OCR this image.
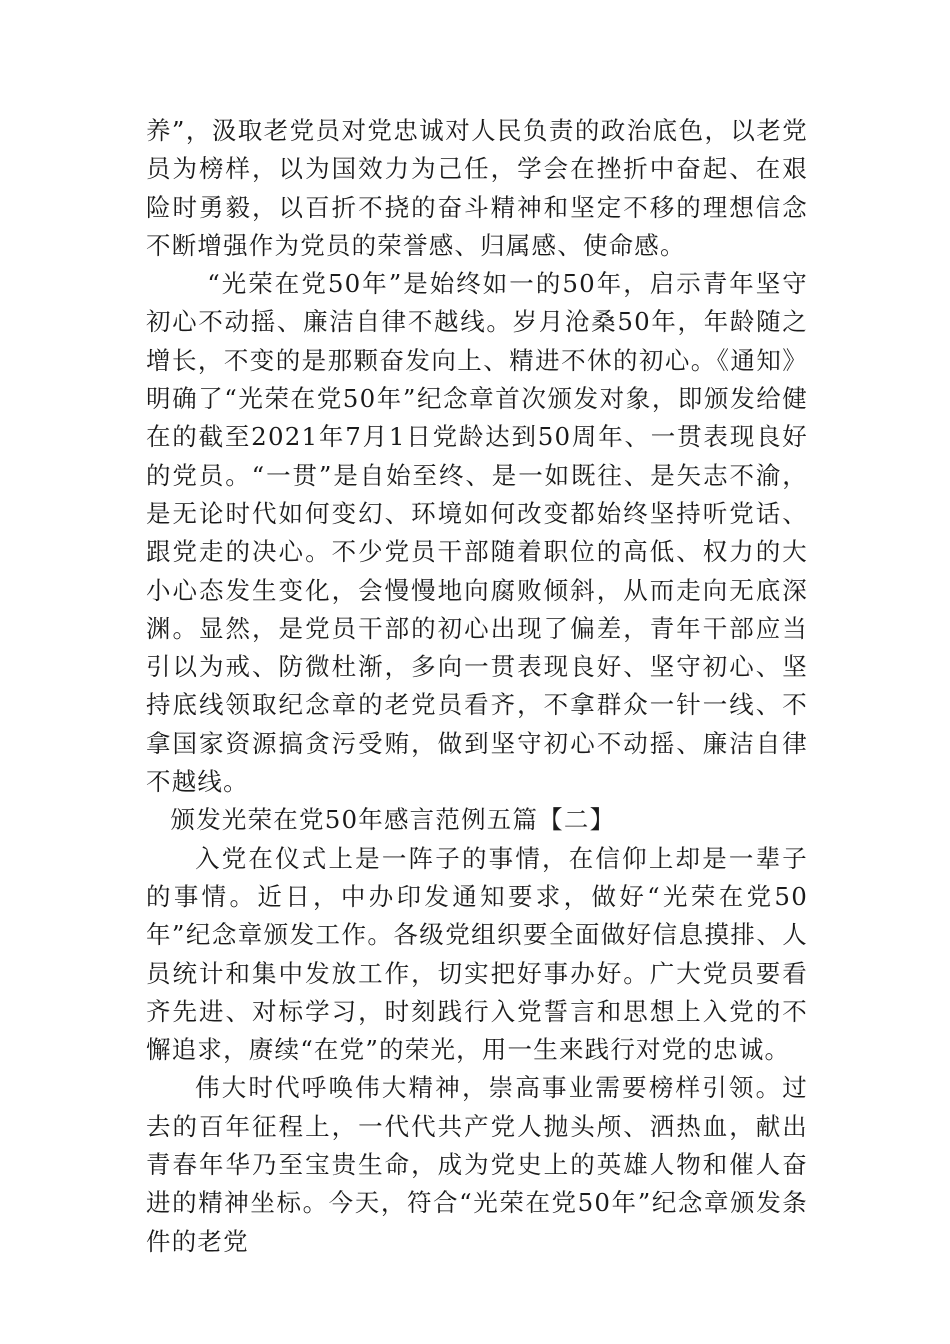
养”，汲取老党员对党忠诚对人民负责的政治底色，以老党员为榜样，以为国效力为己任，学会在挫折中奋起、在艰险时勇毅，以百折不挠的奋斗精神和坚定不移的理想信念不断增强作为党员的荣誉感、归属感、使命感。

“光荣在党50年”是始终如一的50年，启示青年坚守初心不动摇、廉洁自律不越线。岁月沧桑50年，年龄随之增长，不变的是那颗奋发向上、精进不休的初心。《通知》明确了“光荣在党50年”纪念章首次颁发对象，即颁发给健在的截至2021年7月1日党龄达到50周年、一贯表现良好的党员。“一贯”是自始至终、是一如既往、是矢志不渝，是无论时代如何变幻、环境如何改变都始终坚持听党话、跟党走的决心。不少党员干部随着职位的高低、权力的大小心态发生变化，会慢慢地向腐败倾斜，从而走向无底深渊。显然，是党员干部的初心出现了偏差，青年干部应当引以为戒、防微杜渐，多向一贯表现良好、坚守初心、坚持底线领取纪念章的老党员看齐，不拿群众一针一线、不拿国家资源搞贪污受贿，做到坚守初心不动摇、廉洁自律不越线。

颁发光荣在党50年感言范例五篇【二】

入党在仪式上是一阵子的事情，在信仰上却是一辈子的事情。近日，中办印发通知要求，做好“光荣在党50年”纪念章颁发工作。各级党组织要全面做好信息摸排、人员统计和集中发放工作，切实把好事办好。广大党员要看齐先进、对标学习，时刻践行入党誓言和思想上入党的不懈追求，赓续“在党”的荣光，用一生来践行对党的忠诚。

伟大时代呼唤伟大精神，崇高事业需要榜样引领。过去的百年征程上，一代代共产党人抛头颅、洒热血，献出青春年华乃至宝贵生命，成为党史上的英雄人物和催人奋进的精神坐标。今天，符合“光荣在党50年”纪念章颁发条件的老党
